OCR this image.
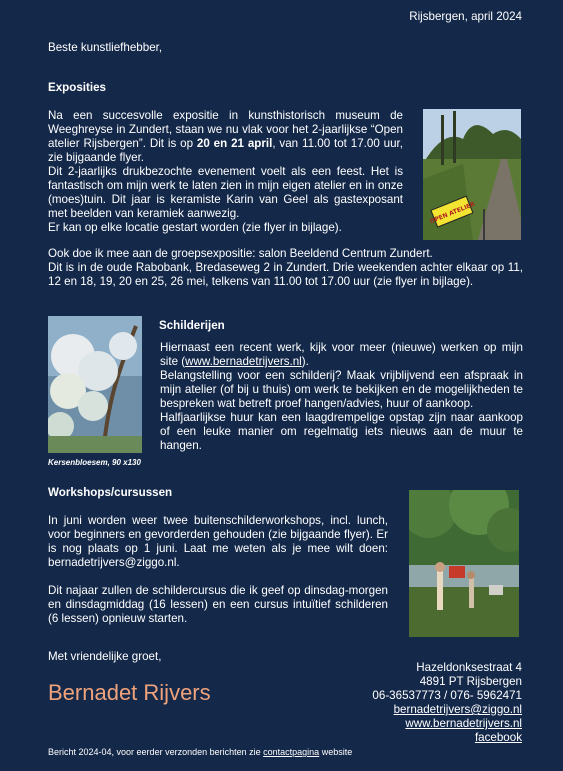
Rijsbergen, april 2024
Beste kunstliefhebber,
Exposities

Na een succesvolle expositie in kunsthistorisch museum de Weeghreyse in Zundert, staan we nu vlak voor het 2-jaarlijkse “Open atelier Rijsbergen”. Dit is op 20 en 21 april, van 11.00 tot 17.00 uur, zie bijgaande flyer.

Dit 2-jaarlijks drukbezochte evenement voelt als een feest. Het is fantastisch om mijn werk te laten zien in mijn eigen atelier en in onze (moes)tuin. Dit jaar is keramiste Karin van Geel als gastexposant met beelden van keramiek aanwezig.

Er kan op elke locatie gestart worden (zie flyer in bijlage).

OPEN ATELIER

Ook doe ik mee aan de groepsexpositie: salon Beeldend Centrum Zundert.

Dit is in de oude Rabobank, Bredaseweg 2 in Zundert. Drie weekenden achter elkaar op 11, 12 en 18, 19, 20 en 25, 26 mei, telkens van 11.00 tot 17.00 uur (zie flyer in bijlage).

Kersenbloesem, 90 x130
Schilderijen

Hiernaast een recent werk, kijk voor meer (nieuwe) werken op mijn site (www.bernadetrijvers.nl).

Belangstelling voor een schilderij? Maak vrijblijvend een afspraak in mijn atelier (of bij u thuis) om werk te bekijken en de mogelijkheden te bespreken wat betreft proef hangen/advies, huur of aankoop.

Halfjaarlijkse huur kan een laagdrempelige opstap zijn naar aankoop of een leuke manier om regelmatig iets nieuws aan de muur te hangen.

Workshops/cursussen

In juni worden weer twee buitenschilderworkshops, incl. lunch, voor beginners en gevorderden gehouden (zie bijgaande flyer). Er is nog plaats op 1 juni. Laat me weten als je mee wilt doen: bernadetrijvers@ziggo.nl.

Dit najaar zullen de schildercursus die ik geef op dinsdag-morgen en dinsdagmiddag (16 lessen) en een cursus intuïtief schilderen (6 lessen) opnieuw starten.

Met vriendelijke groet,
Bernadet Rijvers
Hazeldonksestraat 4
4891 PT Rijsbergen
06-36537773 / 076- 5962471
bernadetrijvers@ziggo.nl
www.bernadetrijvers.nl
facebook
Bericht 2024-04, voor eerder verzonden berichten zie contactpagina website
